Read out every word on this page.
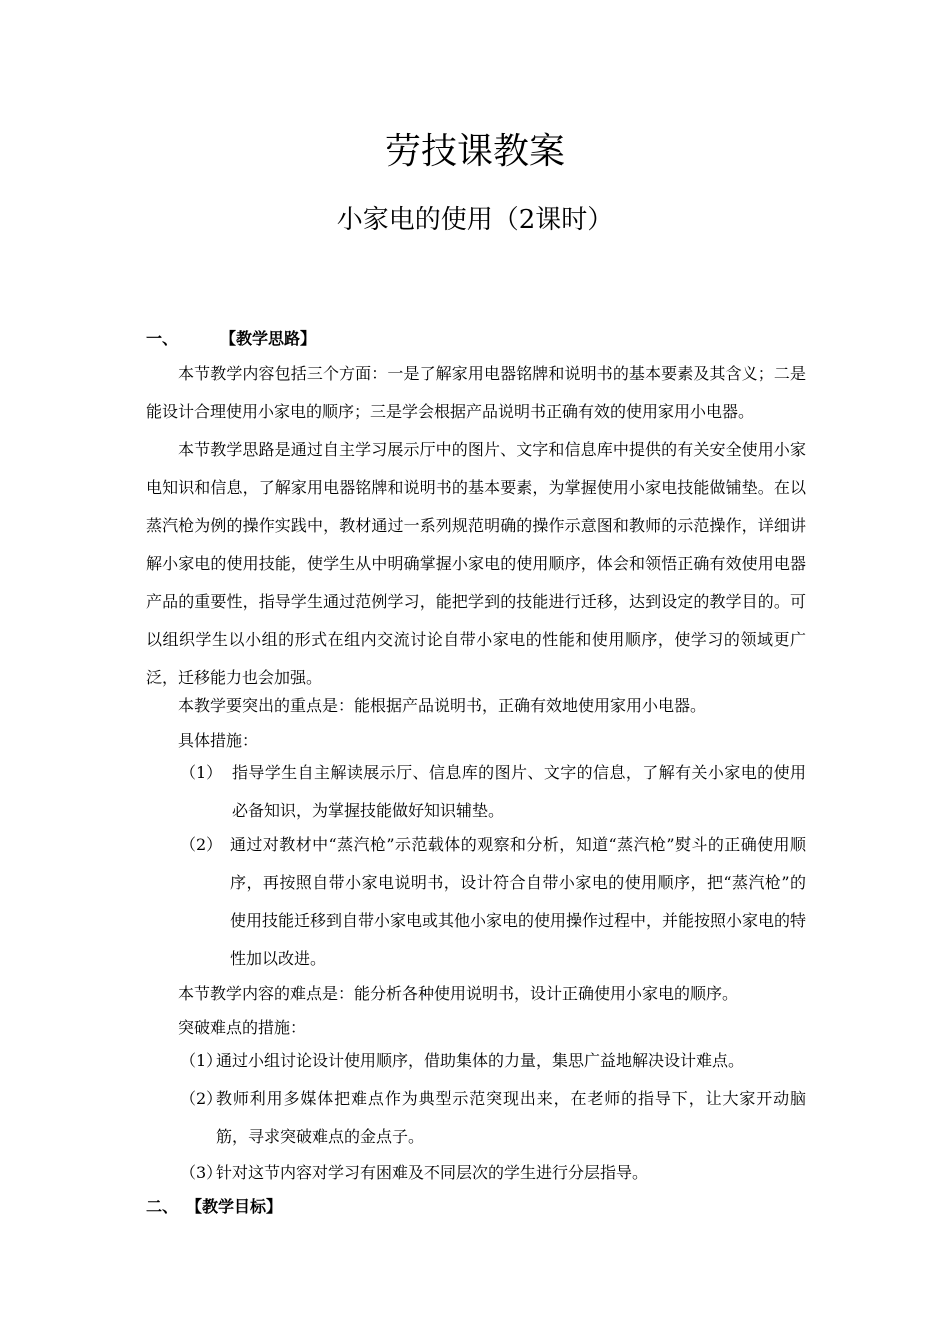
劳技课教案
小家电的使用（2课时）
一、	【教学思路】
本节教学内容包括三个方面：一是了解家用电器铭牌和说明书的基本要素及其含义；二是能设计合理使用小家电的顺序；三是学会根据产品说明书正确有效的使用家用小电器。
本节教学思路是通过自主学习展示厅中的图片、文字和信息库中提供的有关安全使用小家电知识和信息，了解家用电器铭牌和说明书的基本要素，为掌握使用小家电技能做铺垫。在以蒸汽枪为例的操作实践中，教材通过一系列规范明确的操作示意图和教师的示范操作，详细讲解小家电的使用技能，使学生从中明确掌握小家电的使用顺序，体会和领悟正确有效使用电器产品的重要性，指导学生通过范例学习，能把学到的技能进行迁移，达到设定的教学目的。可以组织学生以小组的形式在组内交流讨论自带小家电的性能和使用顺序，使学习的领域更广泛，迁移能力也会加强。
本教学要突出的重点是：能根据产品说明书，正确有效地使用家用小电器。
具体措施：
（1） 指导学生自主解读展示厅、信息库的图片、文字的信息，了解有关小家电的使用必备知识，为掌握技能做好知识辅垫。
（2） 通过对教材中“蒸汽枪”示范载体的观察和分析，知道“蒸汽枪”熨斗的正确使用顺序，再按照自带小家电说明书，设计符合自带小家电的使用顺序，把“蒸汽枪”的使用技能迁移到自带小家电或其他小家电的使用操作过程中，并能按照小家电的特性加以改进。
本节教学内容的难点是：能分析各种使用说明书，设计正确使用小家电的顺序。
突破难点的措施：
（1）
通过小组讨论设计使用顺序，借助集体的力量，集思广益地解决设计难点。
（2）
教师利用多媒体把难点作为典型示范突现出来，在老师的指导下，让大家开动脑筋，寻求突破难点的金点子。
（3）
针对这节内容对学习有困难及不同层次的学生进行分层指导。
二、 【教学目标】
